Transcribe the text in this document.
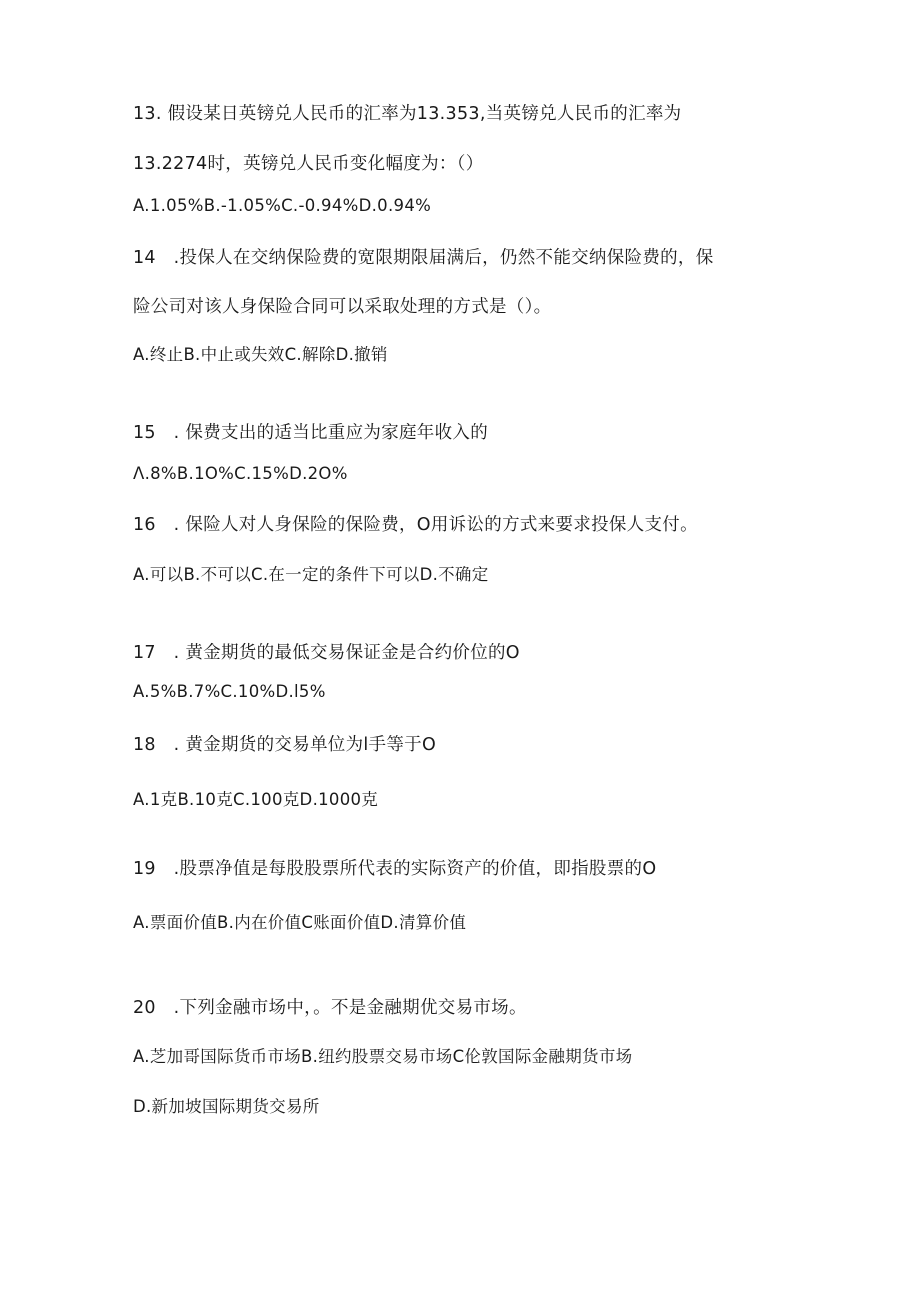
13. 假设某日英镑兑人民币的汇率为13.353,当英镑兑人民币的汇率为
13.2274时，英镑兑人民币变化幅度为：（）
A.1.05%B.-1.05%C.-0.94%D.0.94%
14　.投保人在交纳保险费的宽限期限届满后，仍然不能交纳保险费的，保
险公司对该人身保险合同可以采取处理的方式是（）。
A.终止B.中止或失效C.解除D.撤销
15　. 保费支出的适当比重应为家庭年收入的
Λ.8%B.1O%C.15%D.2O%
16　. 保险人对人身保险的保险费，O用诉讼的方式来要求投保人支付。
A.可以B.不可以C.在一定的条件下可以D.不确定
17　. 黄金期货的最低交易保证金是合约价位的O
A.5%B.7%C.10%D.l5%
18　. 黄金期货的交易单位为l手等于O
A.1克B.10克C.100克D.1000克
19　.股票净值是每股股票所代表的实际资产的价值，即指股票的O
A.票面价值B.内在价值C账面价值D.清算价值
20　.下列金融市场中，。不是金融期优交易市场。
A.芝加哥国际货币市场B.纽约股票交易市场C伦敦国际金融期货市场
D.新加坡国际期货交易所
